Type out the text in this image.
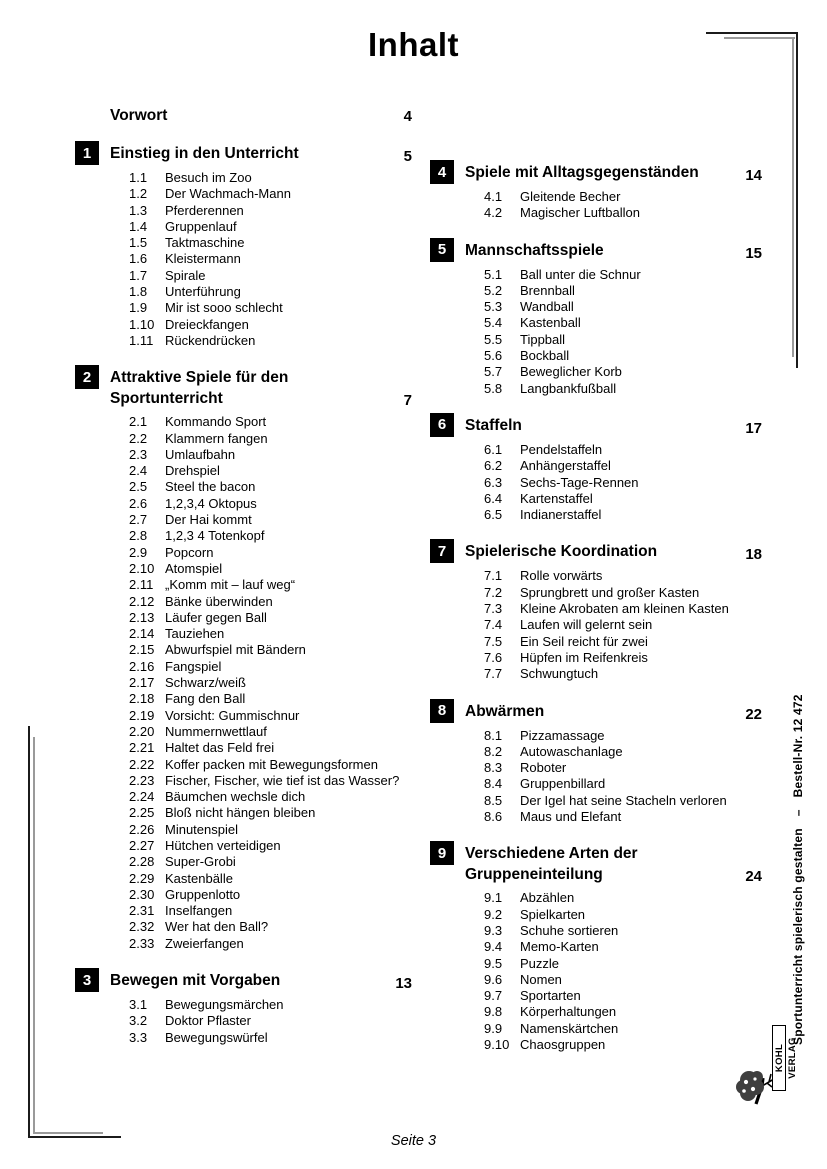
Inhalt
Vorwort	4
1	Einstieg in den Unterricht	5
1.1	Besuch im Zoo
1.2	Der Wachmach-Mann
1.3	Pferderennen
1.4	Gruppenlauf
1.5	Taktmaschine
1.6	Kleistermann
1.7	Spirale
1.8	Unterführung
1.9	Mir ist sooo schlecht
1.10 Dreieckfangen
1.11 Rückendrücken
2	Attraktive Spiele für den
Sportunterricht	7
2.1	Kommando Sport
2.2	Klammern fangen
2.3	Umlaufbahn
2.4	Drehspiel
2.5	Steel the bacon
2.6	1,2,3,4 Oktopus
2.7	Der Hai kommt
2.8	1,2,3 4 Totenkopf
2.9	Popcorn
2.10 Atomspiel
2.11 „Komm mit – lauf weg“
2.12 Bänke überwinden
2.13 Läufer gegen Ball
2.14 Tauziehen
2.15 Abwurfspiel mit Bändern
2.16 Fangspiel
2.17 Schwarz/weiß
2.18 Fang den Ball
2.19 Vorsicht: Gummischnur
2.20 Nummernwettlauf
2.21 Haltet das Feld frei
2.22 Koffer packen mit Bewegungsformen
2.23 Fischer, Fischer, wie tief ist das Wasser?
2.24 Bäumchen wechsle dich
2.25 Bloß nicht hängen bleiben
2.26 Minutenspiel
2.27 Hütchen verteidigen
2.28 Super-Grobi
2.29 Kastenbälle
2.30 Gruppenlotto
2.31 Inselfangen
2.32 Wer hat den Ball?
2.33 Zweierfangen
3	Bewegen mit Vorgaben	13
3.1	Bewegungsmärchen
3.2	Doktor Pflaster
3.3	Bewegungswürfel
4	Spiele mit Alltagsgegenständen	14
4.1	Gleitende Becher
4.2	Magischer Luftballon
5	Mannschaftsspiele	15
5.1	Ball unter die Schnur
5.2	Brennball
5.3	Wandball
5.4	Kastenball
5.5	Tippball
5.6	Bockball
5.7	Beweglicher Korb
5.8	Langbankfußball
6	Staffeln	17
6.1	Pendelstaffeln
6.2	Anhängerstaffel
6.3	Sechs-Tage-Rennen
6.4	Kartenstaffel
6.5	Indianerstaffel
7	Spielerische Koordination	18
7.1	Rolle vorwärts
7.2	Sprungbrett und großer Kasten
7.3	Kleine Akrobaten am kleinen Kasten
7.4	Laufen will gelernt sein
7.5	Ein Seil reicht für zwei
7.6	Hüpfen im Reifenkreis
7.7	Schwungtuch
8	Abwärmen	22
8.1	Pizzamassage
8.2	Autowaschanlage
8.3	Roboter
8.4	Gruppenbillard
8.5	Der Igel hat seine Stacheln verloren
8.6	Maus und Elefant
9	Verschiedene Arten der
Gruppeneinteilung	24
9.1	Abzählen
9.2	Spielkarten
9.3	Schuhe sortieren
9.4	Memo-Karten
9.5	Puzzle
9.6	Nomen
9.7	Sportarten
9.8	Körperhaltungen
9.9	Namenskärtchen
9.10 Chaosgruppen	Sportunterricht spielerisch gestalten–Bestell-Nr. 12 472
KOHL VERLAG
Seite 3
